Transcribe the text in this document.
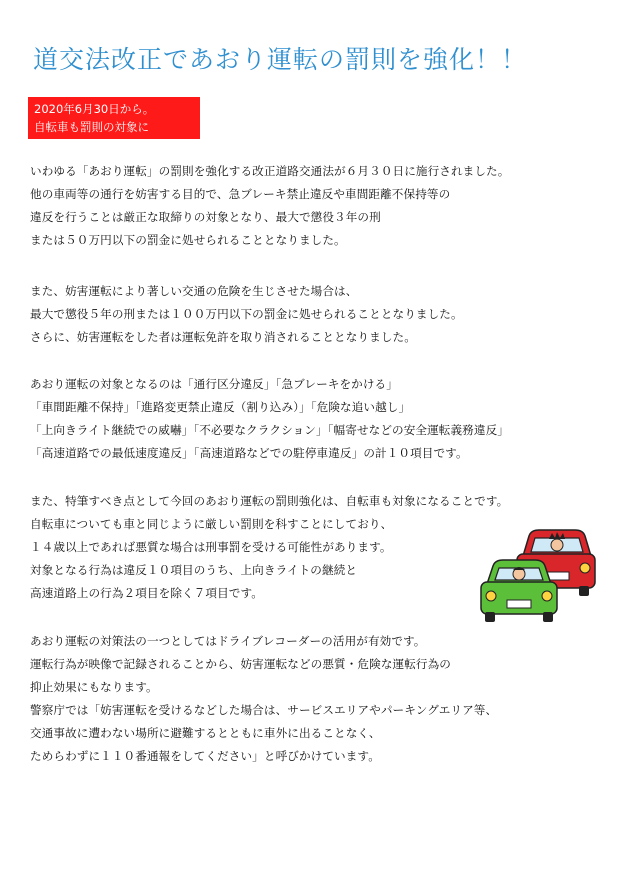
道交法改正であおり運転の罰則を強化！！
2020年6月30日から。
自転車も罰則の対象に
いわゆる「あおり運転」の罰則を強化する改正道路交通法が６月３０日に施行されました。
他の車両等の通行を妨害する目的で、急ブレーキ禁止違反や車間距離不保持等の
違反を行うことは厳正な取締りの対象となり、最大で懲役３年の刑
または５０万円以下の罰金に処せられることとなりました。
また、妨害運転により著しい交通の危険を生じさせた場合は、
最大で懲役５年の刑または１００万円以下の罰金に処せられることとなりました。
さらに、妨害運転をした者は運転免許を取り消されることとなりました。
あおり運転の対象となるのは「通行区分違反」「急ブレーキをかける」
「車間距離不保持」「進路変更禁止違反（割り込み）」「危険な追い越し」
「上向きライト継続での威嚇」「不必要なクラクション」「幅寄せなどの安全運転義務違反」
「高速道路での最低速度違反」「高速道路などでの駐停車違反」の計１０項目です。
また、特筆すべき点として今回のあおり運転の罰則強化は、自転車も対象になることです。
自転車についても車と同じように厳しい罰則を科すことにしており、
１４歳以上であれば悪質な場合は刑事罰を受ける可能性があります。
対象となる行為は違反１０項目のうち、上向きライトの継続と
高速道路上の行為２項目を除く７項目です。
あおり運転の対策法の一つとしてはドライブレコーダーの活用が有効です。
運転行為が映像で記録されることから、妨害運転などの悪質・危険な運転行為の
抑止効果にもなります。
警察庁では「妨害運転を受けるなどした場合は、サービスエリアやパーキングエリア等、
交通事故に遭わない場所に避難するとともに車外に出ることなく、
ためらわずに１１０番通報をしてください」と呼びかけています。
